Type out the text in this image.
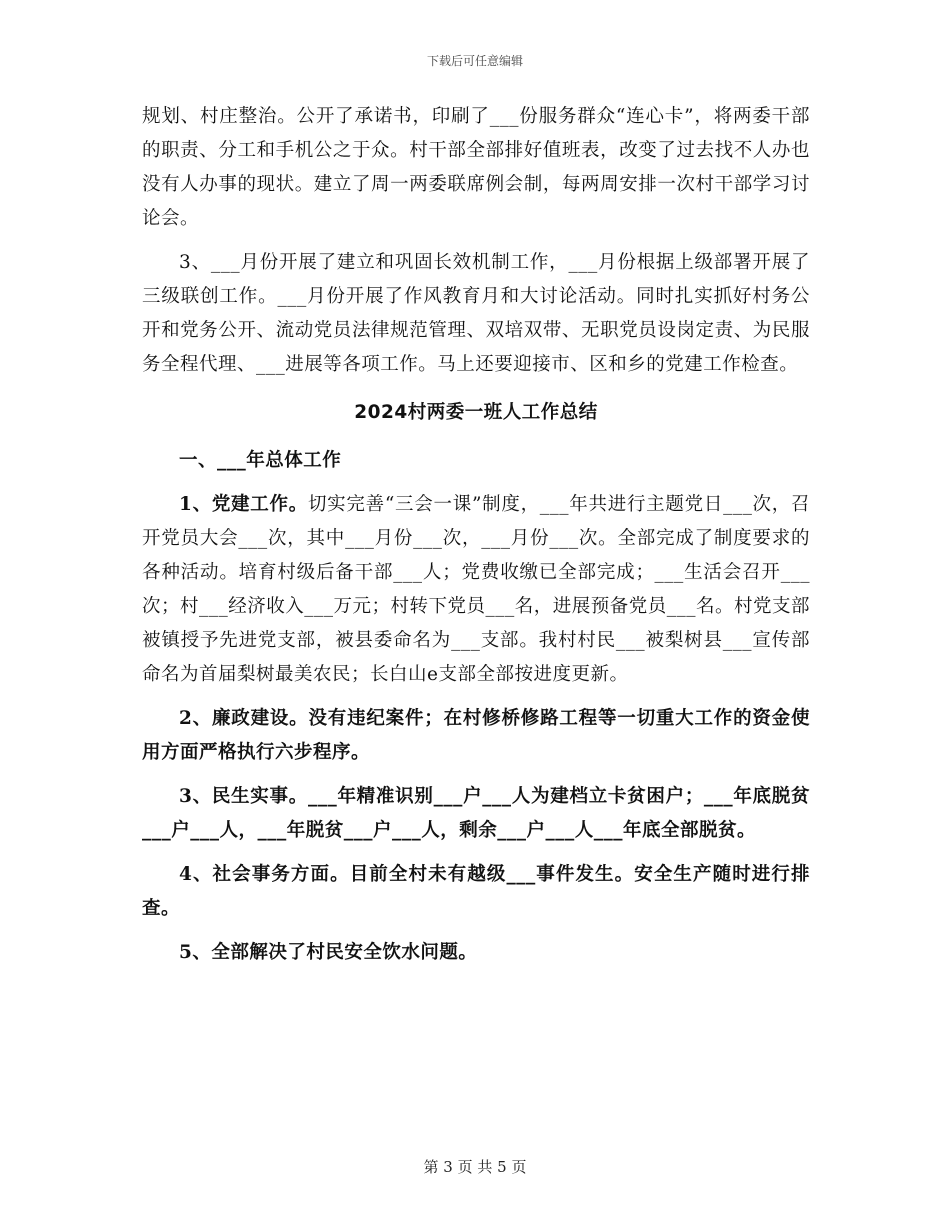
下载后可任意编辑

规划、村庄整治。公开了承诺书，印刷了___份服务群众“连心卡”，将两委干部的职责、分工和手机公之于众。村干部全部排好值班表，改变了过去找不人办也没有人办事的现状。建立了周一两委联席例会制，每两周安排一次村干部学习讨论会。

3、___月份开展了建立和巩固长效机制工作，___月份根据上级部署开展了三级联创工作。___月份开展了作风教育月和大讨论活动。同时扎实抓好村务公开和党务公开、流动党员法律规范管理、双培双带、无职党员设岗定责、为民服务全程代理、___进展等各项工作。马上还要迎接市、区和乡的党建工作检查。

2024村两委一班人工作总结

一、___年总体工作

1、党建工作。切实完善“三会一课”制度，___年共进行主题党日___次，召开党员大会___次，其中___月份___次，___月份___次。全部完成了制度要求的各种活动。培育村级后备干部___人；党费收缴已全部完成；___生活会召开___次；村___经济收入___万元；村转下党员___名，进展预备党员___名。村党支部被镇授予先进党支部，被县委命名为___支部。我村村民___被梨树县___宣传部命名为首届梨树最美农民；长白山e支部全部按进度更新。

2、廉政建设。没有违纪案件；在村修桥修路工程等一切重大工作的资金使用方面严格执行六步程序。

3、民生实事。___年精准识别___户___人为建档立卡贫困户；___年底脱贫___户___人，___年脱贫___户___人，剩余___户___人___年底全部脱贫。

4、社会事务方面。目前全村未有越级___事件发生。安全生产随时进行排查。

5、全部解决了村民安全饮水问题。

第 3 页 共 5 页
